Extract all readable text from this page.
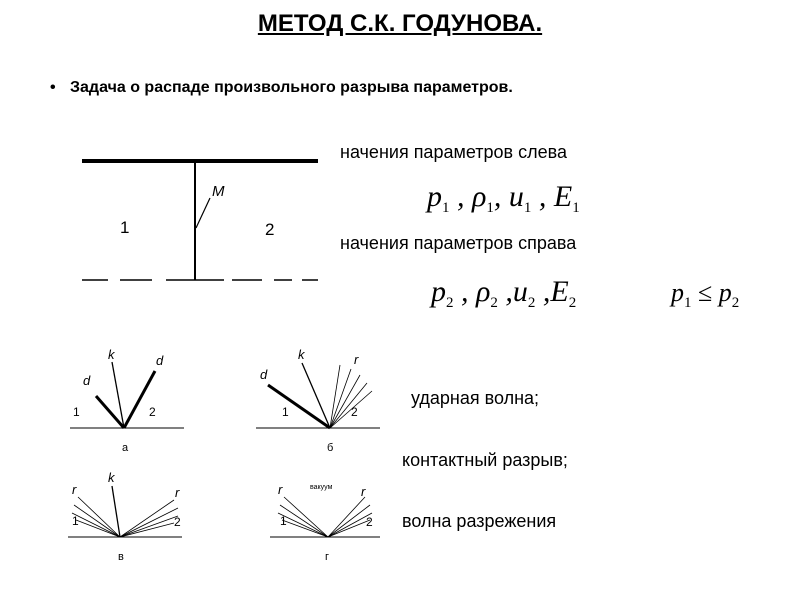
МЕТОД С.К. ГОДУНОВА.
• Задача о распаде произвольного разрыва параметров.
1	2
M
начения параметров слева
$p_1$ , $\rho_1$, $u_1$ , $E_1$
начения параметров справа
$p_2$ , $\rho_2$ $,u_2$ $,E_2$	$p_1 \le p_2$
ударная волна;
контактный разрыв;
волна разрежения
d
k	d
1	2
а
d
k	r
1	2
б
r
k
r
1	2
в
r	вакуум r
1	2
г
